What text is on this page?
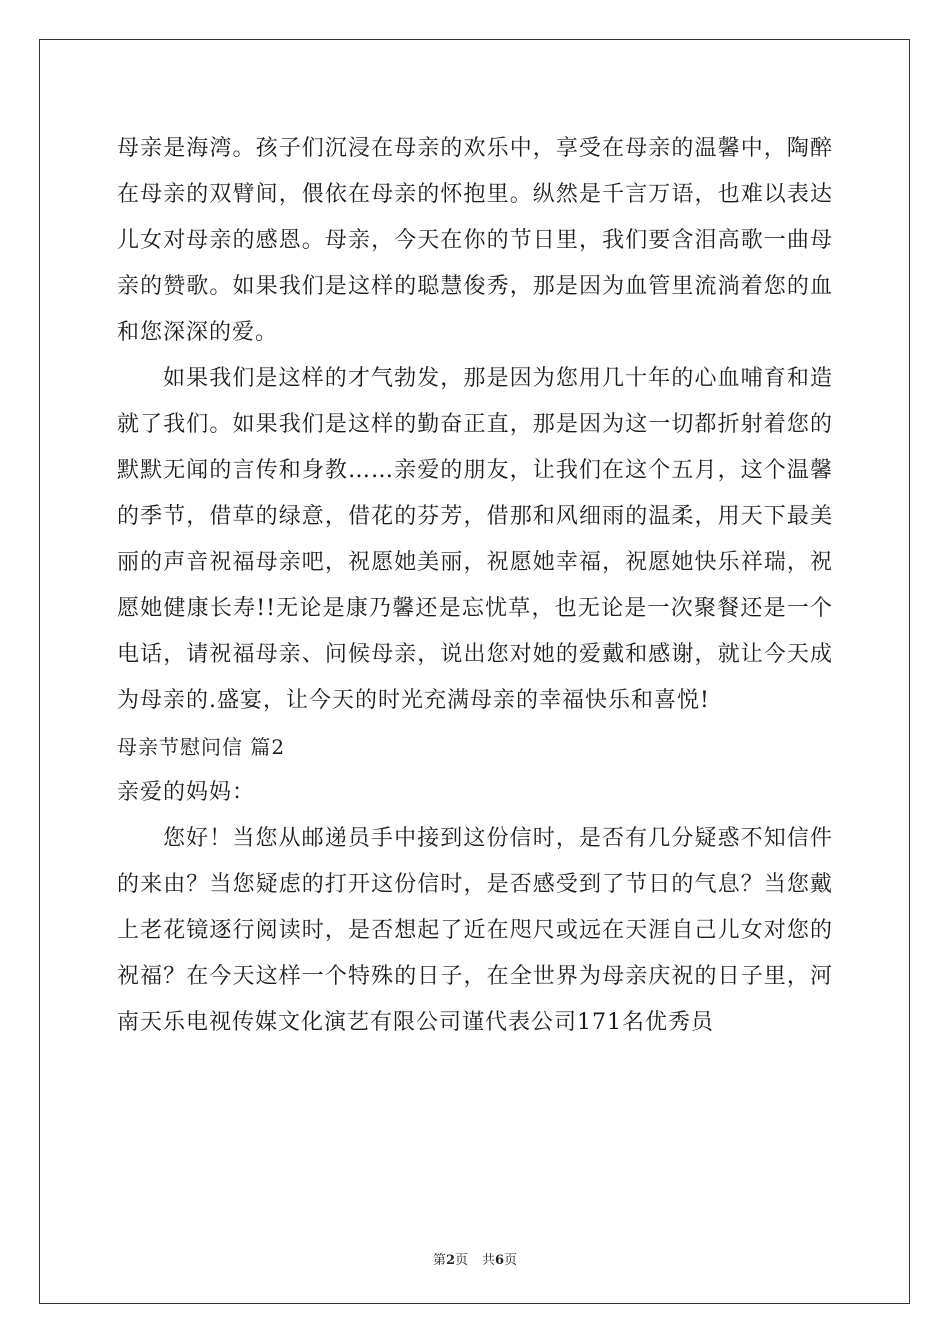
母亲是海湾。孩子们沉浸在母亲的欢乐中，享受在母亲的温馨中，陶醉在母亲的双臂间，偎依在母亲的怀抱里。纵然是千言万语，也难以表达儿女对母亲的感恩。母亲，今天在你的节日里，我们要含泪高歌一曲母亲的赞歌。如果我们是这样的聪慧俊秀，那是因为血管里流淌着您的血和您深深的爱。

如果我们是这样的才气勃发，那是因为您用几十年的心血哺育和造就了我们。如果我们是这样的勤奋正直，那是因为这一切都折射着您的默默无闻的言传和身教……亲爱的朋友，让我们在这个五月，这个温馨的季节，借草的绿意，借花的芬芳，借那和风细雨的温柔，用天下最美丽的声音祝福母亲吧，祝愿她美丽，祝愿她幸福，祝愿她快乐祥瑞，祝愿她健康长寿!!无论是康乃馨还是忘忧草，也无论是一次聚餐还是一个电话，请祝福母亲、问候母亲，说出您对她的爱戴和感谢，就让今天成为母亲的.盛宴，让今天的时光充满母亲的幸福快乐和喜悦!

母亲节慰问信 篇2

亲爱的妈妈：

您好！当您从邮递员手中接到这份信时，是否有几分疑惑不知信件的来由？当您疑虑的打开这份信时，是否感受到了节日的气息？当您戴上老花镜逐行阅读时，是否想起了近在咫尺或远在天涯自己儿女对您的祝福？在今天这样一个特殊的日子，在全世界为母亲庆祝的日子里，河南天乐电视传媒文化演艺有限公司谨代表公司171名优秀员

第2页 共6页
